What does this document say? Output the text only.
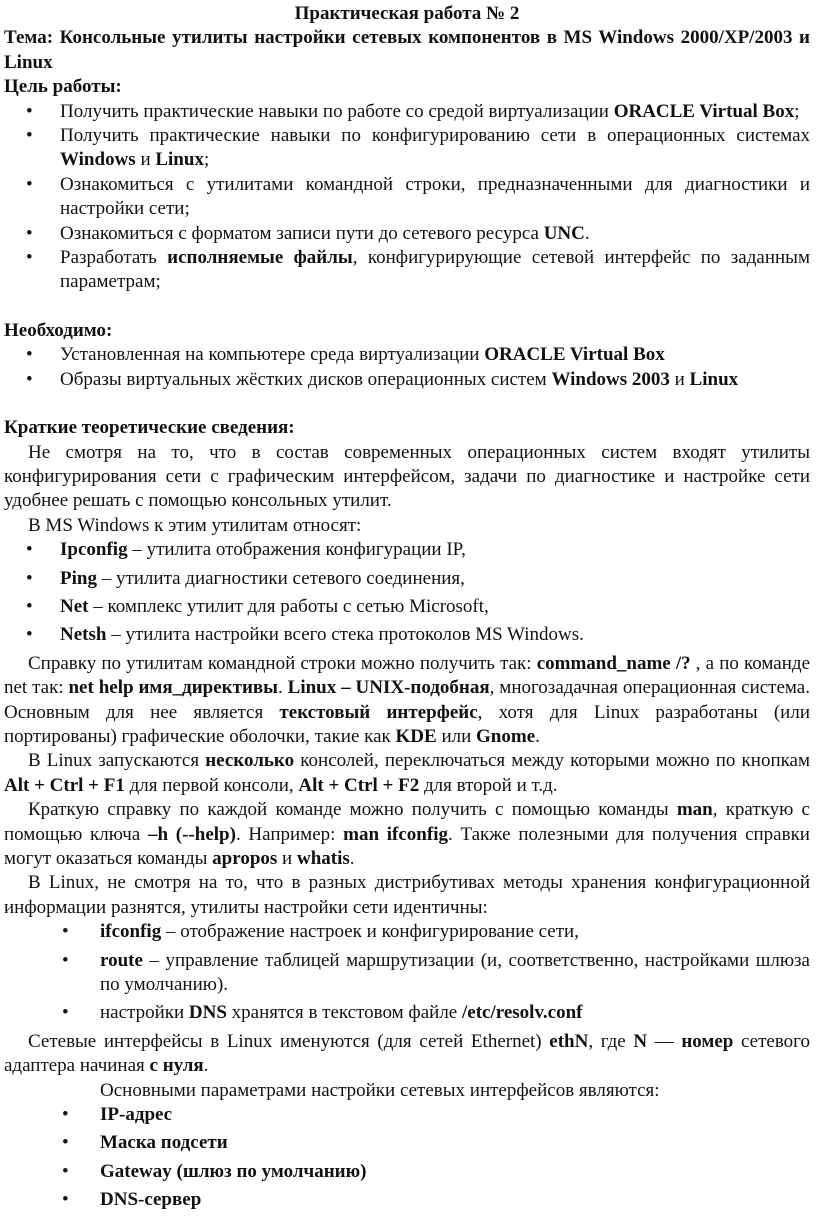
Практическая работа № 2

Тема: Консольные утилиты настройки сетевых компонентов в MS Windows 2000/XP/2003 и Linux

Цель работы:

• Получить практические навыки по работе со средой виртуализации ORACLE Virtual Box;
• Получить практические навыки по конфигурированию сети в операционных системах Windows и Linux;
• Ознакомиться с утилитами командной строки, предназначенными для диагностики и настройки сети;
• Ознакомиться с форматом записи пути до сетевого ресурса UNC.
• Разработать исполняемые файлы, конфигурирующие сетевой интерфейс по заданным параметрам;

Необходимо:

• Установленная на компьютере среда виртуализации ORACLE Virtual Box
• Образы виртуальных жёстких дисков операционных систем Windows 2003 и Linux

Краткие теоретические сведения:

Не смотря на то, что в состав современных операционных систем входят утилиты конфигурирования сети с графическим интерфейсом, задачи по диагностике и настройке сети удобнее решать с помощью консольных утилит.

В MS Windows к этим утилитам относят:

• Ipconfig – утилита отображения конфигурации IP,
• Ping – утилита диагностики сетевого соединения,
• Net – комплекс утилит для работы с сетью Microsoft,
• Netsh – утилита настройки всего стека протоколов MS Windows.

Справку по утилитам командной строки можно получить так: command_name /? , а по команде net так: net help имя_директивы. Linux – UNIX-подобная, многозадачная операционная система. Основным для нее является текстовый интерфейс, хотя для Linux разработаны (или портированы) графические оболочки, такие как KDE или Gnome.

В Linux запускаются несколько консолей, переключаться между которыми можно по кнопкам Alt + Ctrl + F1 для первой консоли, Alt + Ctrl + F2 для второй и т.д.

Краткую справку по каждой команде можно получить с помощью команды man, краткую с помощью ключа –h (--help). Например: man ifconfig. Также полезными для получения справки могут оказаться команды apropos и whatis.

В Linux, не смотря на то, что в разных дистрибутивах методы хранения конфигурационной информации разнятся, утилиты настройки сети идентичны:

• ifconfig – отображение настроек и конфигурирование сети,
• route – управление таблицей маршрутизации (и, соответственно, настройками шлюза по умолчанию).
• настройки DNS хранятся в текстовом файле /etc/resolv.conf

Сетевые интерфейсы в Linux именуются (для сетей Ethernet) ethN, где N — номер сетевого адаптера начиная с нуля.

Основными параметрами настройки сетевых интерфейсов являются:

• IP-адрес
• Маска подсети
• Gateway (шлюз по умолчанию)
• DNS-сервер
